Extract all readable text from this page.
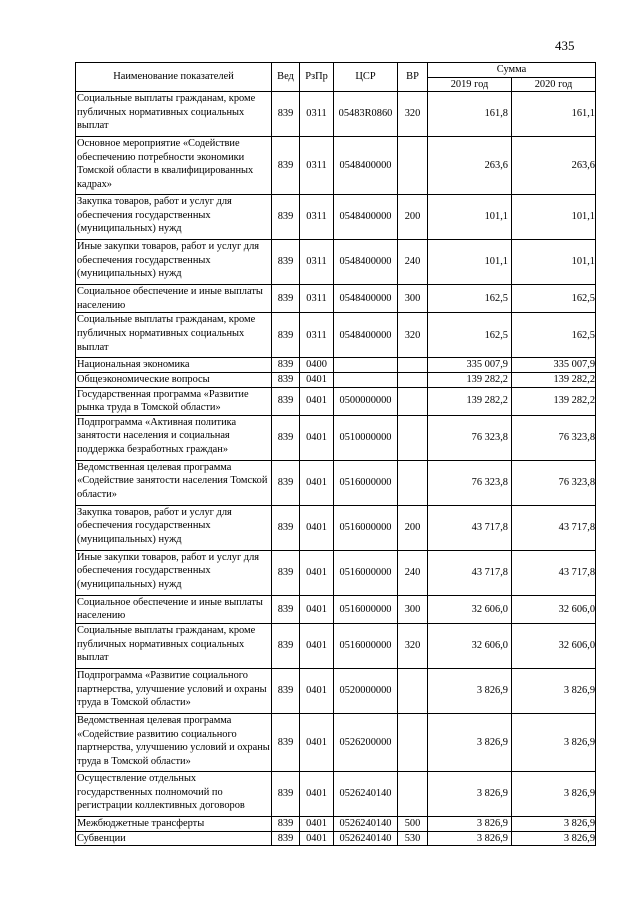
435
Наименование показателей	Вед	РзПр	ЦСР	ВР	Сумма	
					2019 год	2020 год
Социальные выплаты гражданам, кроме публичных нормативных социальных выплат	839	0311	05483R0860	320	161,8	161,1
Основное мероприятие «Содействие обеспечению потребности экономики Томской области в квалифицированных кадрах»	839	0311	0548400000		263,6	263,6
Закупка товаров, работ и услуг для обеспечения государственных (муниципальных) нужд	839	0311	0548400000	200	101,1	101,1
Иные закупки товаров, работ и услуг для обеспечения государственных (муниципальных) нужд	839	0311	0548400000	240	101,1	101,1
Социальное обеспечение и иные выплаты населению	839	0311	0548400000	300	162,5	162,5
Социальные выплаты гражданам, кроме публичных нормативных социальных выплат	839	0311	0548400000	320	162,5	162,5
Национальная экономика	839	0400			335 007,9	335 007,9
Общеэкономические вопросы	839	0401			139 282,2	139 282,2
Государственная программа «Развитие рынка труда в Томской области»	839	0401	0500000000		139 282,2	139 282,2
Подпрограмма «Активная политика занятости населения и социальная поддержка безработных граждан»	839	0401	0510000000		76 323,8	76 323,8
Ведомственная целевая программа «Содействие занятости населения Томской области»	839	0401	0516000000		76 323,8	76 323,8
Закупка товаров, работ и услуг для обеспечения государственных (муниципальных) нужд	839	0401	0516000000	200	43 717,8	43 717,8
Иные закупки товаров, работ и услуг для обеспечения государственных (муниципальных) нужд	839	0401	0516000000	240	43 717,8	43 717,8
Социальное обеспечение и иные выплаты населению	839	0401	0516000000	300	32 606,0	32 606,0
Социальные выплаты гражданам, кроме публичных нормативных социальных выплат	839	0401	0516000000	320	32 606,0	32 606,0
Подпрограмма «Развитие социального партнерства, улучшение условий и охраны труда в Томской области»	839	0401	0520000000		3 826,9	3 826,9
Ведомственная целевая программа «Содействие развитию социального партнерства, улучшению условий и охраны труда в Томской области»	839	0401	0526200000		3 826,9	3 826,9
Осуществление отдельных государственных полномочий по регистрации коллективных договоров	839	0401	0526240140		3 826,9	3 826,9
Межбюджетные трансферты	839	0401	0526240140	500	3 826,9	3 826,9
Субвенции	839	0401	0526240140	530	3 826,9	3 826,9
